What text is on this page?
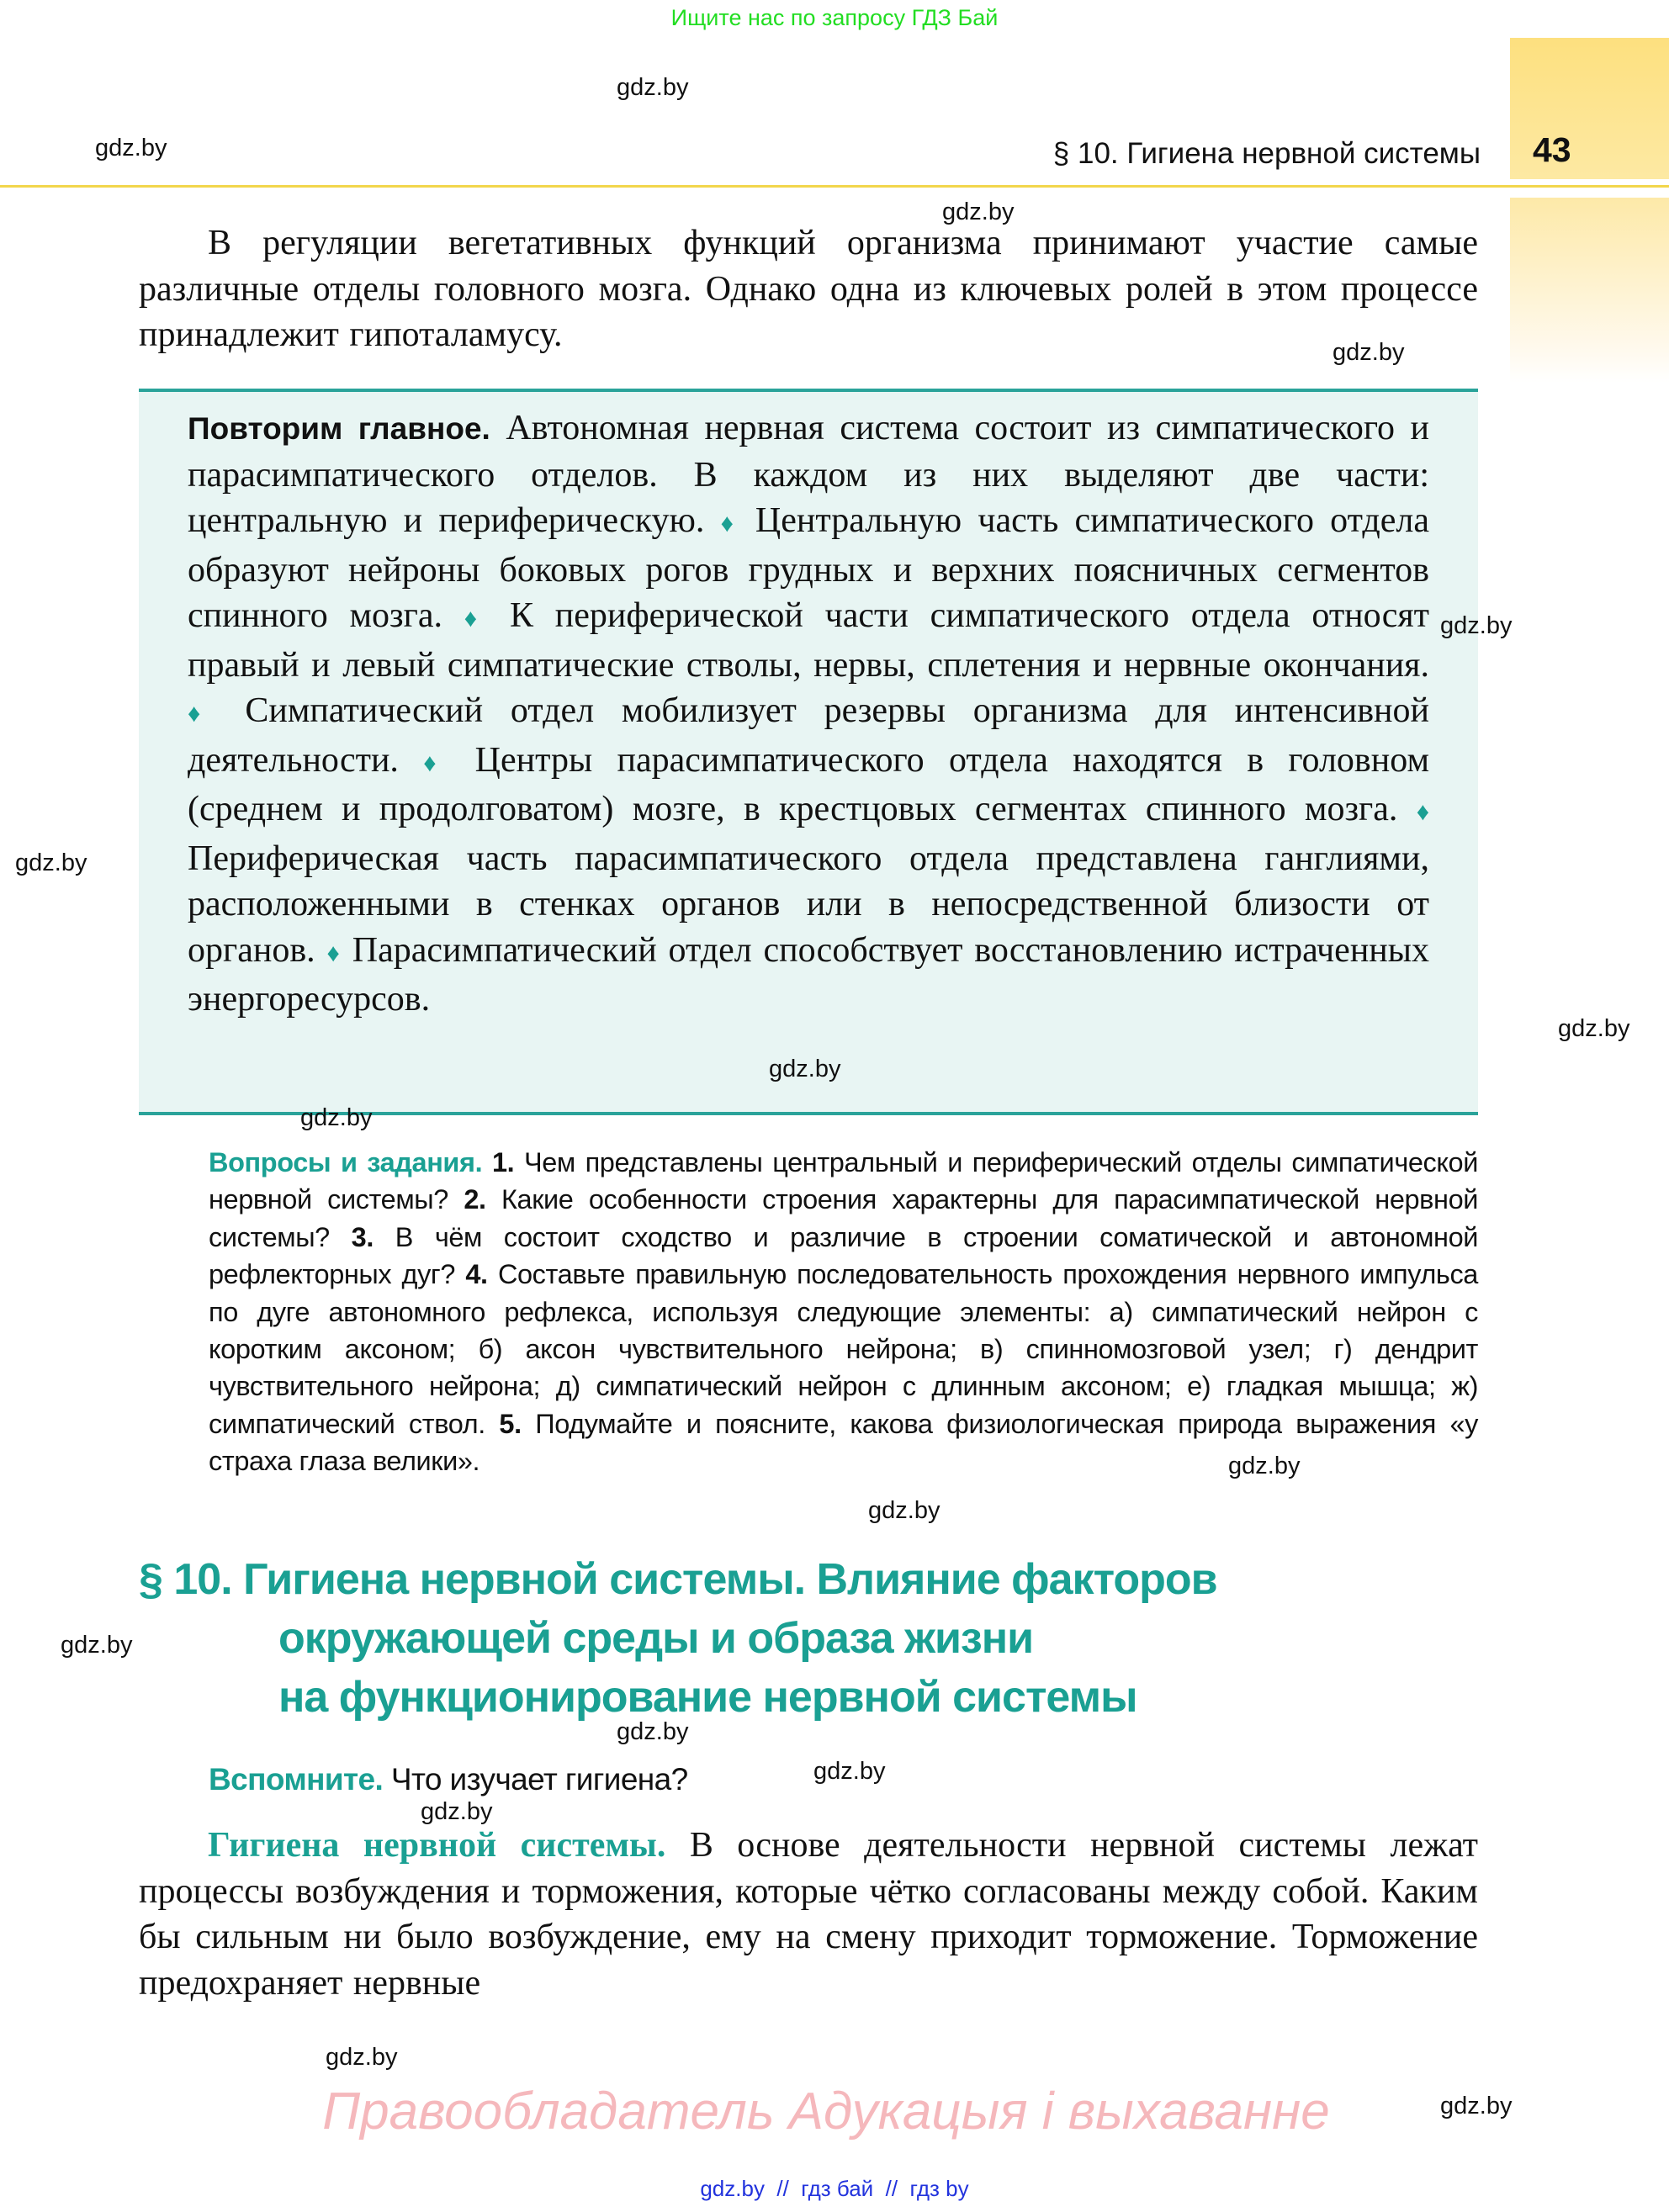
Ищите нас по запросу ГДЗ Бай
43
§ 10. Гигиена нервной системы
В регуляции вегетативных функций организма принимают участие самые различные отделы головного мозга. Однако одна из ключевых ролей в этом процессе принадлежит гипоталамусу.
Повторим главное. Автономная нервная система состоит из симпатического и парасимпатического отделов. В каждом из них выделяют две части: центральную и периферическую. ♦ Центральную часть симпатического отдела образуют нейроны боковых рогов грудных и верхних поясничных сегментов спинного мозга. ♦ К периферической части симпатического отдела относят правый и левый симпатические стволы, нервы, сплетения и нервные окончания. ♦ Симпатический отдел мобилизует резервы организма для интенсивной деятельности. ♦ Центры парасимпатического отдела находятся в головном (среднем и продолговатом) мозге, в крестцовых сегментах спинного мозга. ♦ Периферическая часть парасимпатического отдела представлена ганглиями, расположенными в стенках органов или в непосредственной близости от органов. ♦ Парасимпатический отдел способствует восстановлению истраченных энергоресурсов.
Вопросы и задания. 1. Чем представлены центральный и периферический отделы симпатической нервной системы? 2. Какие особенности строения характерны для парасимпатической нервной системы? 3. В чём состоит сходство и различие в строении соматической и автономной рефлекторных дуг? 4. Составьте правильную последовательность прохождения нервного импульса по дуге автономного рефлекса, используя следующие элементы: а) симпатический нейрон с коротким аксоном; б) аксон чувствительного нейрона; в) спинномозговой узел; г) дендрит чувствительного нейрона; д) симпатический нейрон с длинным аксоном; е) гладкая мышца; ж) симпатический ствол. 5. Подумайте и поясните, какова физиологическая природа выражения «у страха глаза велики».
§ 10. Гигиена нервной системы. Влияние факторов
окружающей среды и образа жизни
на функционирование нервной системы
Вспомните. Что изучает гигиена?
Гигиена нервной системы. В основе деятельности нервной системы лежат процессы возбуждения и торможения, которые чётко согласованы между собой. Каким бы сильным ни было возбуждение, ему на смену приходит торможение. Торможение предохраняет нервные
Правообладатель Адукацыя і выхаванне
gdz.by  //  гдз бай  //  гдз by
gdz.by
gdz.by
gdz.by
gdz.by
gdz.by
gdz.by
gdz.by
gdz.by
gdz.by
gdz.by
gdz.by
gdz.by
gdz.by
gdz.by
gdz.by
gdz.by
gdz.by
